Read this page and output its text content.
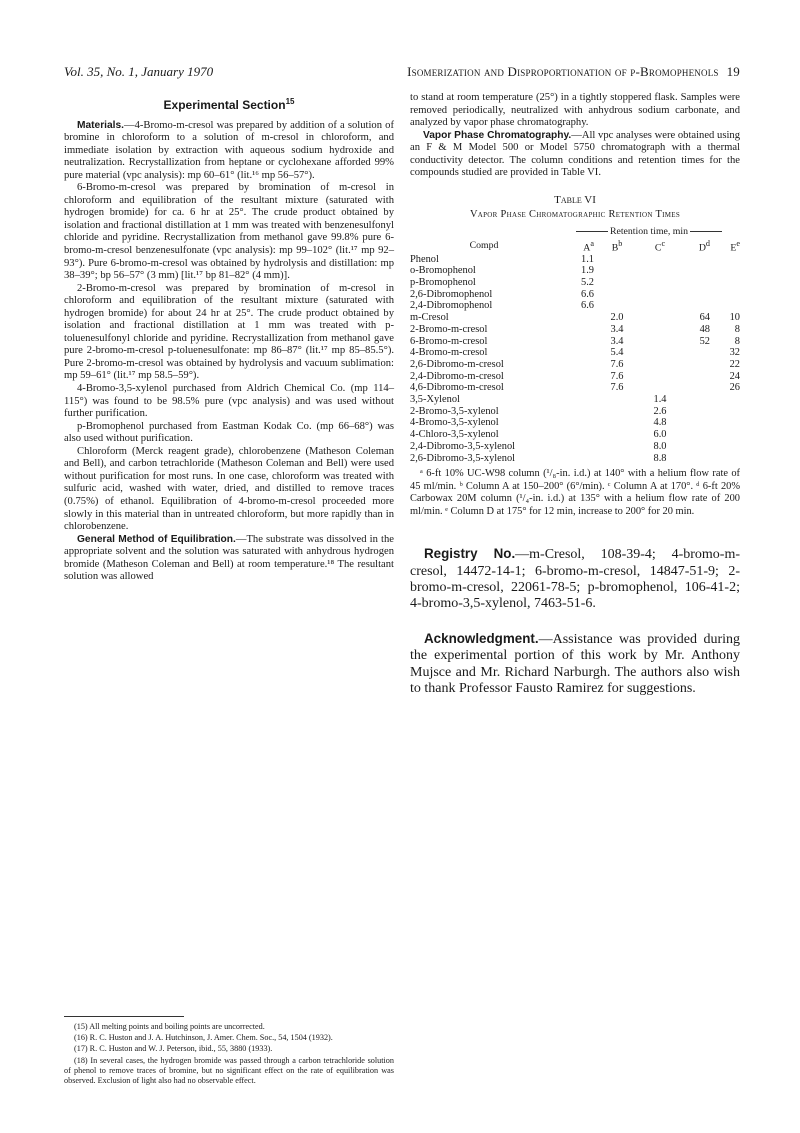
Vol. 35, No. 1, January 1970	Isomerization and Disproportionation of p-Bromophenols 19
Experimental Section$^{15}$

Materials.—4-Bromo-m-cresol was prepared by addition of a solution of bromine in chloroform to a solution of m-cresol in chloroform, and immediate isolation by extraction with aqueous sodium hydroxide and neutralization. Recrystallization from heptane or cyclohexane afforded 99% pure material (vpc analysis): mp 60–61° (lit.¹⁶ mp 56–57°).

6-Bromo-m-cresol was prepared by bromination of m-cresol in chloroform and equilibration of the resultant mixture (saturated with hydrogen bromide) for ca. 6 hr at 25°. The crude product obtained by isolation and fractional distillation at 1 mm was treated with benzenesulfonyl chloride and pyridine. Recrystallization from methanol gave 99.8% pure 6-bromo-m-cresol benzenesulfonate (vpc analysis): mp 99–102° (lit.¹⁷ mp 92–93°). Pure 6-bromo-m-cresol was obtained by hydrolysis and distillation: mp 38–39°; bp 56–57° (3 mm) [lit.¹⁷ bp 81–82° (4 mm)].

2-Bromo-m-cresol was prepared by bromination of m-cresol in chloroform and equilibration of the resultant mixture (saturated with hydrogen bromide) for about 24 hr at 25°. The crude product obtained by isolation and fractional distillation at 1 mm was treated with p-toluenesulfonyl chloride and pyridine. Recrystallization from methanol gave pure 2-bromo-m-cresol p-toluenesulfonate: mp 86–87° (lit.¹⁷ mp 85–85.5°). Pure 2-bromo-m-cresol was obtained by hydrolysis and vacuum sublimation: mp 59–61° (lit.¹⁷ mp 58.5–59°).

4-Bromo-3,5-xylenol purchased from Aldrich Chemical Co. (mp 114–115°) was found to be 98.5% pure (vpc analysis) and was used without further purification.

p-Bromophenol purchased from Eastman Kodak Co. (mp 66–68°) was also used without purification.

Chloroform (Merck reagent grade), chlorobenzene (Matheson Coleman and Bell), and carbon tetrachloride (Matheson Coleman and Bell) were used without purification for most runs. In one case, chloroform was treated with sulfuric acid, washed with water, dried, and distilled to remove traces (0.75%) of ethanol. Equilibration of 4-bromo-m-cresol proceeded more slowly in this material than in untreated chloroform, but more rapidly than in chlorobenzene.

General Method of Equilibration.—The substrate was dissolved in the appropriate solvent and the solution was saturated with anhydrous hydrogen bromide (Matheson Coleman and Bell) at room temperature.¹⁸ The resultant solution was allowed

(15) All melting points and boiling points are uncorrected.

(16) R. C. Huston and J. A. Hutchinson, J. Amer. Chem. Soc., 54, 1504 (1932).

(17) R. C. Huston and W. J. Peterson, ibid., 55, 3880 (1933).

(18) In several cases, the hydrogen bromide was passed through a carbon tetrachloride solution of phenol to remove traces of bromine, but no significant effect on the rate of equilibration was observed. Exclusion of light also had no observable effect.

to stand at room temperature (25°) in a tightly stoppered flask. Samples were removed periodically, neutralized with anhydrous sodium carbonate, and analyzed by vapor phase chromatography.

Vapor Phase Chromatography.—All vpc analyses were obtained using an F & M Model 500 or Model 5750 chromatograph with a thermal conductivity detector. The column conditions and retention times for the compounds studied are provided in Table VI.

Table VI
Vapor Phase Chromatographic Retention Times
	Retention time, min				
Compd	$A^a$	$B^b$	$C^c$	$D^d$	$E^e$
Phenol	1.1				
o-Bromophenol	1.9				
p-Bromophenol	5.2				
2,6-Dibromophenol	6.6				
2,4-Dibromophenol	6.6				
m-Cresol		2.0		64	10
2-Bromo-m-cresol		3.4		48	8
6-Bromo-m-cresol		3.4		52	8
4-Bromo-m-cresol		5.4			32
2,6-Dibromo-m-cresol		7.6			22
2,4-Dibromo-m-cresol		7.6			24
4,6-Dibromo-m-cresol		7.6			26
3,5-Xylenol			1.4		
2-Bromo-3,5-xylenol			2.6		
4-Bromo-3,5-xylenol			4.8		
4-Chloro-3,5-xylenol			6.0		
2,4-Dibromo-3,5-xylenol			8.0		
2,6-Dibromo-3,5-xylenol			8.8		

ᵃ 6-ft 10% UC-W98 column (¹/₈-in. i.d.) at 140° with a helium flow rate of 45 ml/min. ᵇ Column A at 150–200° (6°/min). ᶜ Column A at 170°. ᵈ 6-ft 20% Carbowax 20M column (¹/₄-in. i.d.) at 135° with a helium flow rate of 200 ml/min. ᵉ Column D at 175° for 12 min, increase to 200° for 20 min.

Registry No.—m-Cresol, 108-39-4; 4-bromo-m-cresol, 14472-14-1; 6-bromo-m-cresol, 14847-51-9; 2-bromo-m-cresol, 22061-78-5; p-bromophenol, 106-41-2; 4-bromo-3,5-xylenol, 7463-51-6.

Acknowledgment.—Assistance was provided during the experimental portion of this work by Mr. Anthony Mujsce and Mr. Richard Narburgh. The authors also wish to thank Professor Fausto Ramirez for suggestions.
